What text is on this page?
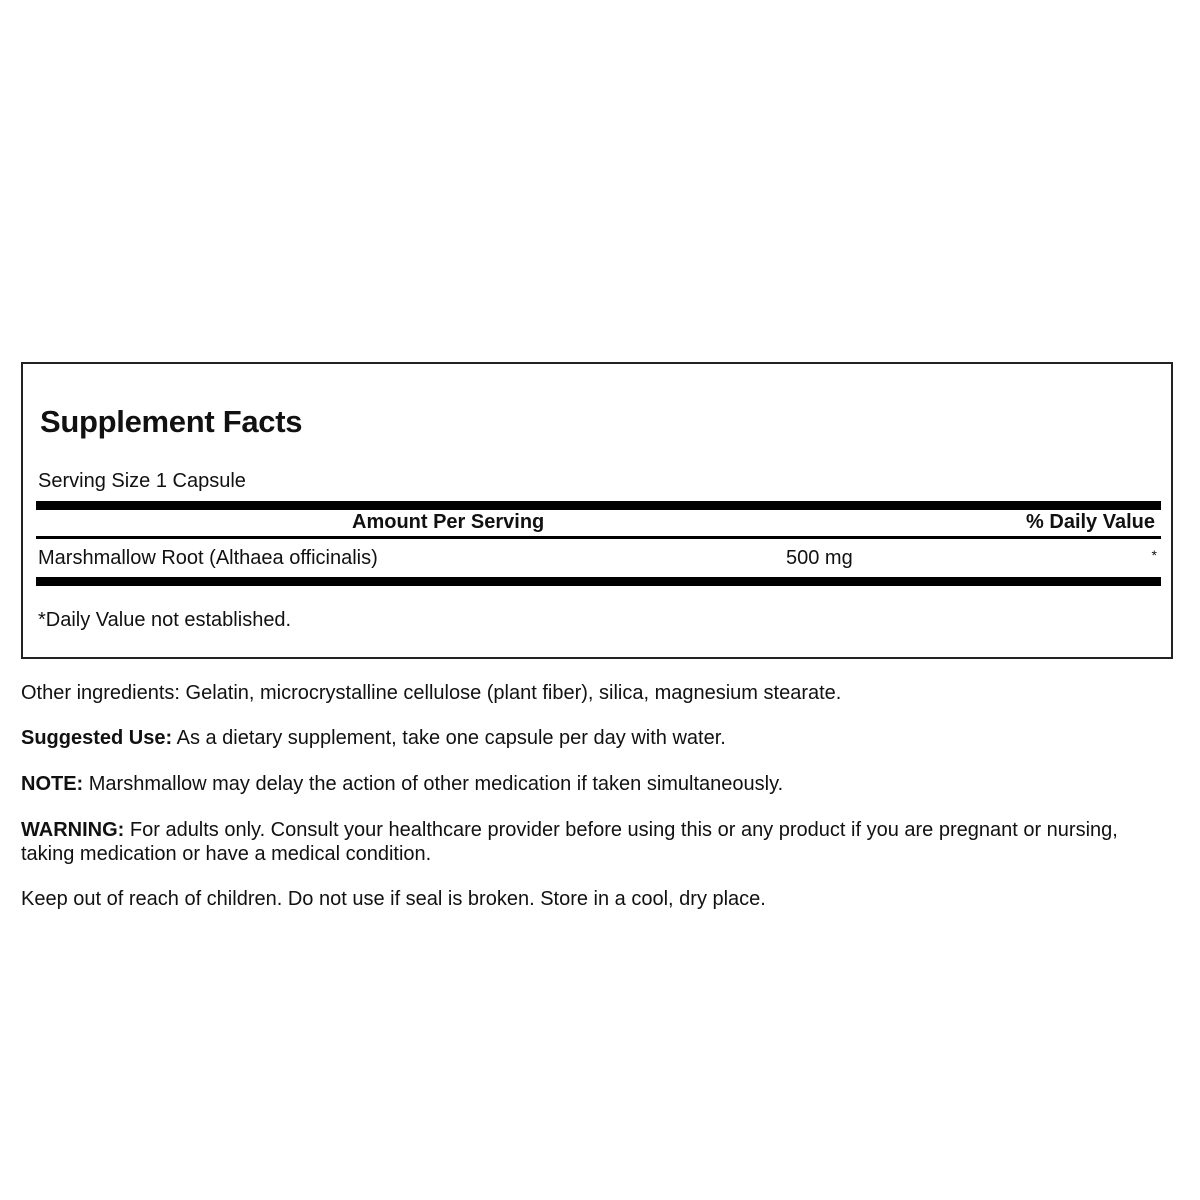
Supplement Facts
Serving Size 1 Capsule
Amount Per Serving	% Daily Value
Marshmallow Root (Althaea officinalis)	500 mg	*
*Daily Value not established.
Other ingredients: Gelatin, microcrystalline cellulose (plant fiber), silica, magnesium stearate.
Suggested Use: As a dietary supplement, take one capsule per day with water.
NOTE: Marshmallow may delay the action of other medication if taken simultaneously.
WARNING: For adults only. Consult your healthcare provider before using this or any product if you are pregnant or nursing, taking medication or have a medical condition.
Keep out of reach of children. Do not use if seal is broken. Store in a cool, dry place.
